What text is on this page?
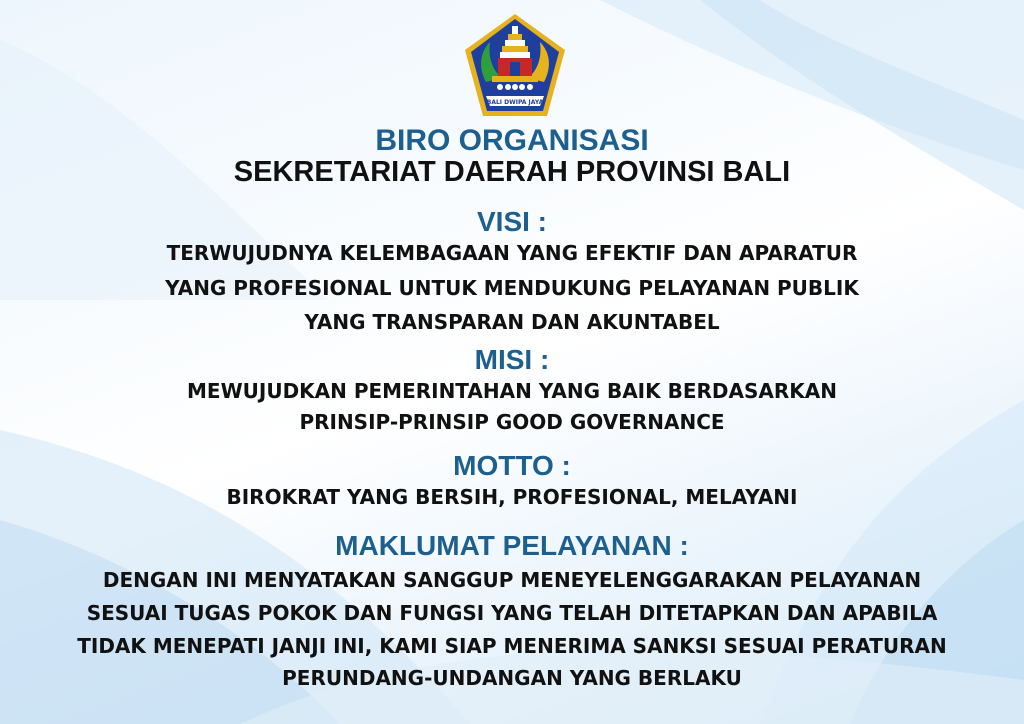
BALI DWIPA JAYA
BIRO ORGANISASI
SEKRETARIAT DAERAH PROVINSI BALI
VISI :
TERWUJUDNYA KELEMBAGAAN YANG EFEKTIF DAN APARATUR
YANG PROFESIONAL UNTUK MENDUKUNG PELAYANAN PUBLIK
YANG TRANSPARAN DAN AKUNTABEL
MISI :
MEWUJUDKAN PEMERINTAHAN YANG BAIK BERDASARKAN
PRINSIP-PRINSIP GOOD GOVERNANCE
MOTTO :
BIROKRAT YANG BERSIH, PROFESIONAL, MELAYANI
MAKLUMAT PELAYANAN :
DENGAN INI MENYATAKAN SANGGUP MENEYELENGGARAKAN PELAYANAN
SESUAI TUGAS POKOK DAN FUNGSI YANG TELAH DITETAPKAN DAN APABILA
TIDAK MENEPATI JANJI INI, KAMI SIAP MENERIMA SANKSI SESUAI PERATURAN
PERUNDANG-UNDANGAN YANG BERLAKU
